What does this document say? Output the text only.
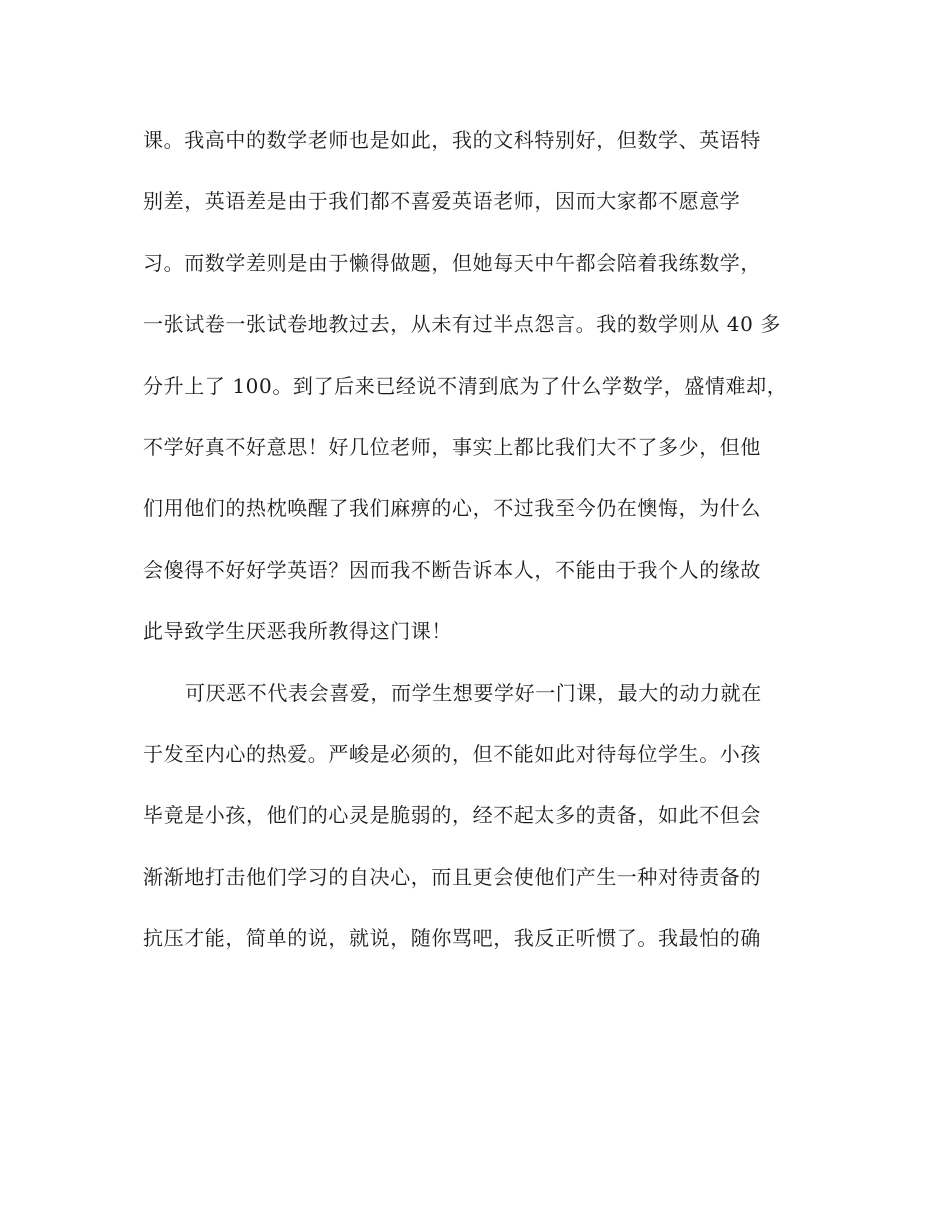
课。我高中的数学老师也是如此，我的文科特别好，但数学、英语特
别差，英语差是由于我们都不喜爱英语老师，因而大家都不愿意学
习。而数学差则是由于懒得做题，但她每天中午都会陪着我练数学，
一张试卷一张试卷地教过去，从未有过半点怨言。我的数学则从 40 多
分升上了 100。到了后来已经说不清到底为了什么学数学，盛情难却，
不学好真不好意思！好几位老师，事实上都比我们大不了多少，但他
们用他们的热枕唤醒了我们麻痹的心，不过我至今仍在懊悔，为什么
会傻得不好好学英语？因而我不断告诉本人，不能由于我个人的缘故
此导致学生厌恶我所教得这门课！
可厌恶不代表会喜爱，而学生想要学好一门课，最大的动力就在
于发至内心的热爱。严峻是必须的，但不能如此对待每位学生。小孩
毕竟是小孩，他们的心灵是脆弱的，经不起太多的责备，如此不但会
渐渐地打击他们学习的自决心，而且更会使他们产生一种对待责备的
抗压才能，简单的说，就说，随你骂吧，我反正听惯了。我最怕的确
